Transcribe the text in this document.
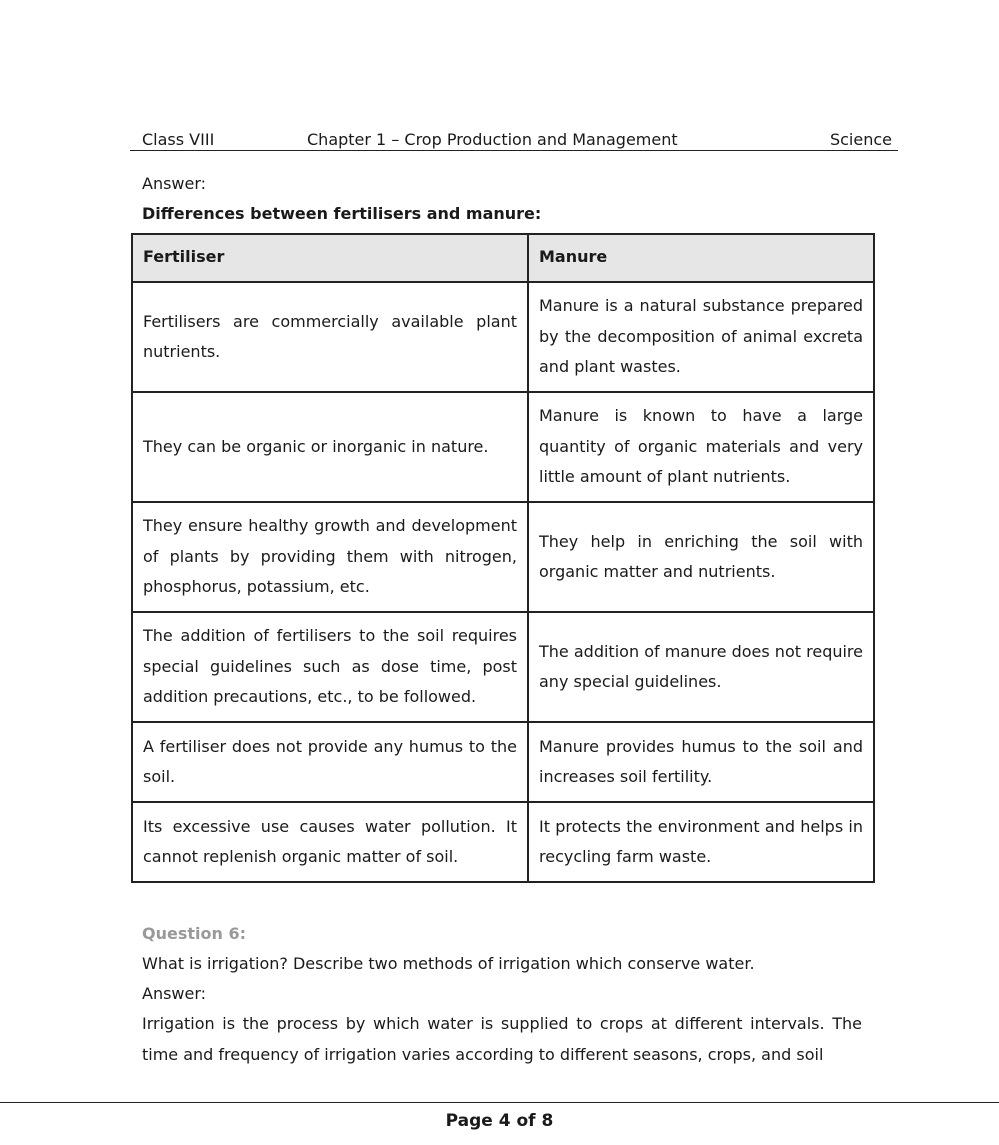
Class VIII	Chapter 1 – Crop Production and Management	Science
Answer:
Differences between fertilisers and manure:
Fertiliser	Manure
Fertilisers are commercially available plant nutrients.	Manure is a natural substance prepared by the decomposition of animal excreta and plant wastes.
They can be organic or inorganic in nature.	Manure is known to have a large quantity of organic materials and very little amount of plant nutrients.
They ensure healthy growth and development of plants by providing them with nitrogen, phosphorus, potassium, etc.	They help in enriching the soil with organic matter and nutrients.
The addition of fertilisers to the soil requires special guidelines such as dose time, post addition precautions, etc., to be followed.	The addition of manure does not require any special guidelines.
A fertiliser does not provide any humus to the soil.	Manure provides humus to the soil and increases soil fertility.
Its excessive use causes water pollution. It cannot replenish organic matter of soil.	It protects the environment and helps in recycling farm waste.
Question 6:
What is irrigation? Describe two methods of irrigation which conserve water.
Answer:
Irrigation is the process by which water is supplied to crops at different intervals. The time and frequency of irrigation varies according to different seasons, crops, and soil
Page 4 of 8
